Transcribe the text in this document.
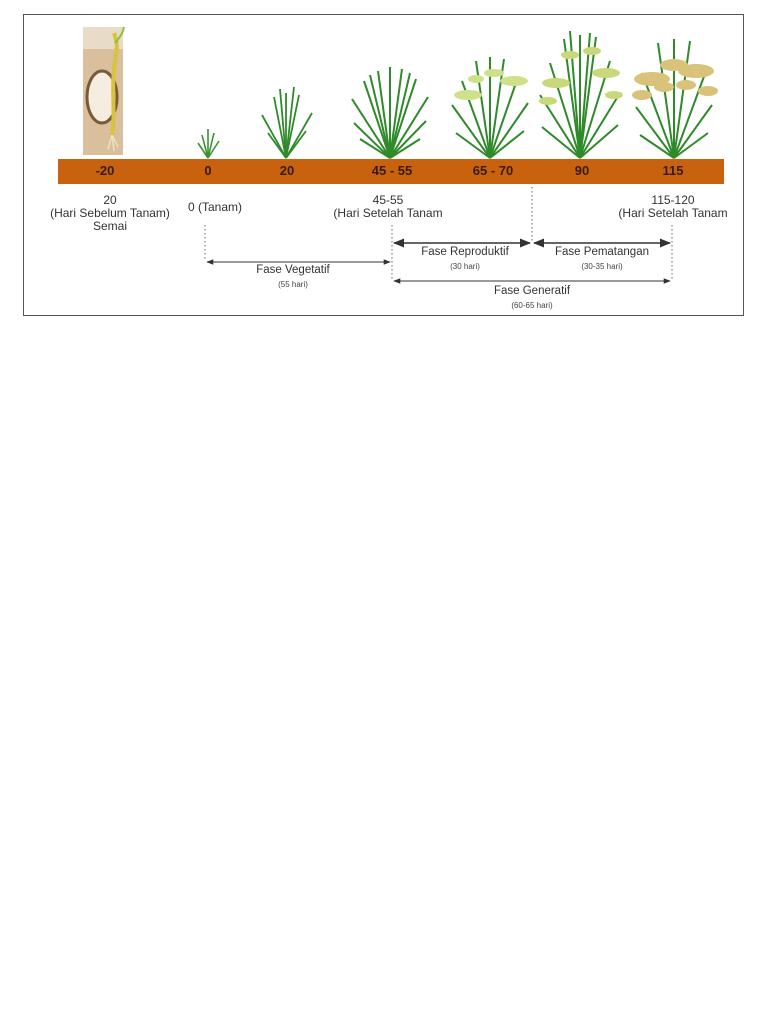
-20	0	20	45 - 55	65 - 70	90	115
20
(Hari Sebelum Tanam)
Semai
0 (Tanam)	45-55
(Hari Setelah Tanam
115-120
(Hari Setelah Tanam
Fase Vegetatif
(55 hari)
Fase Reproduktif
(30 hari)
Fase Pematangan
(30-35 hari)
Fase Generatif
(60-65 hari)
